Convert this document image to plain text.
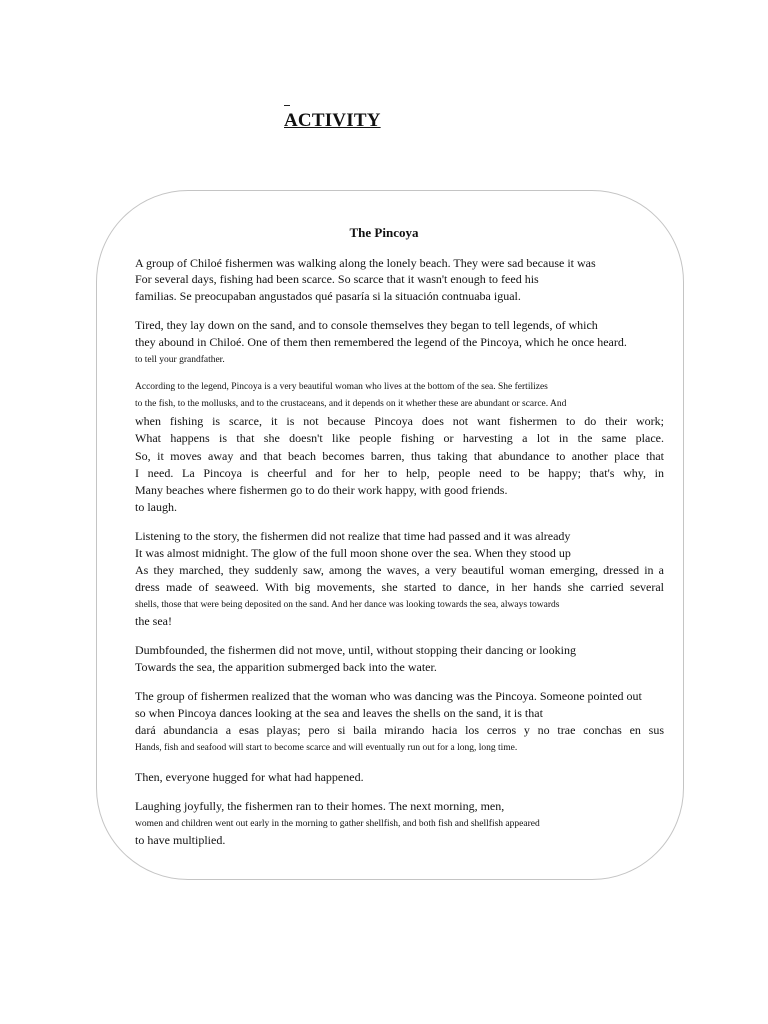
ACTIVITY
The Pincoya
A group of Chiloé fishermen was walking along the lonely beach. They were sad because it was
For several days, fishing had been scarce. So scarce that it wasn't enough to feed his
familias. Se preocupaban angustados qué pasaría si la situación contnuaba igual.
Tired, they lay down on the sand, and to console themselves they began to tell legends, of which
they abound in Chiloé. One of them then remembered the legend of the Pincoya, which he once heard.
to tell your grandfather.
According to the legend, Pincoya is a very beautiful woman who lives at the bottom of the sea. She fertilizes
to the fish, to the mollusks, and to the crustaceans, and it depends on it whether these are abundant or scarce. And
when fishing is scarce, it is not because Pincoya does not want fishermen to do their work;
What happens is that she doesn't like people fishing or harvesting a lot in the same place.
So, it moves away and that beach becomes barren, thus taking that abundance to another place that
I need. La Pincoya is cheerful and for her to help, people need to be happy; that's why, in
Many beaches where fishermen go to do their work happy, with good friends.
to laugh.
Listening to the story, the fishermen did not realize that time had passed and it was already
It was almost midnight. The glow of the full moon shone over the sea. When they stood up
As they marched, they suddenly saw, among the waves, a very beautiful woman emerging, dressed in a
dress made of seaweed. With big movements, she started to dance, in her hands she carried several
shells, those that were being deposited on the sand. And her dance was looking towards the sea, always towards
the sea!
Dumbfounded, the fishermen did not move, until, without stopping their dancing or looking
Towards the sea, the apparition submerged back into the water.
The group of fishermen realized that the woman who was dancing was the Pincoya. Someone pointed out
so when Pincoya dances looking at the sea and leaves the shells on the sand, it is that
dará abundancia a esas playas; pero si baila mirando hacia los cerros y no trae conchas en sus
Hands, fish and seafood will start to become scarce and will eventually run out for a long, long time.
Then, everyone hugged for what had happened.
Laughing joyfully, the fishermen ran to their homes. The next morning, men,
women and children went out early in the morning to gather shellfish, and both fish and shellfish appeared
to have multiplied.
